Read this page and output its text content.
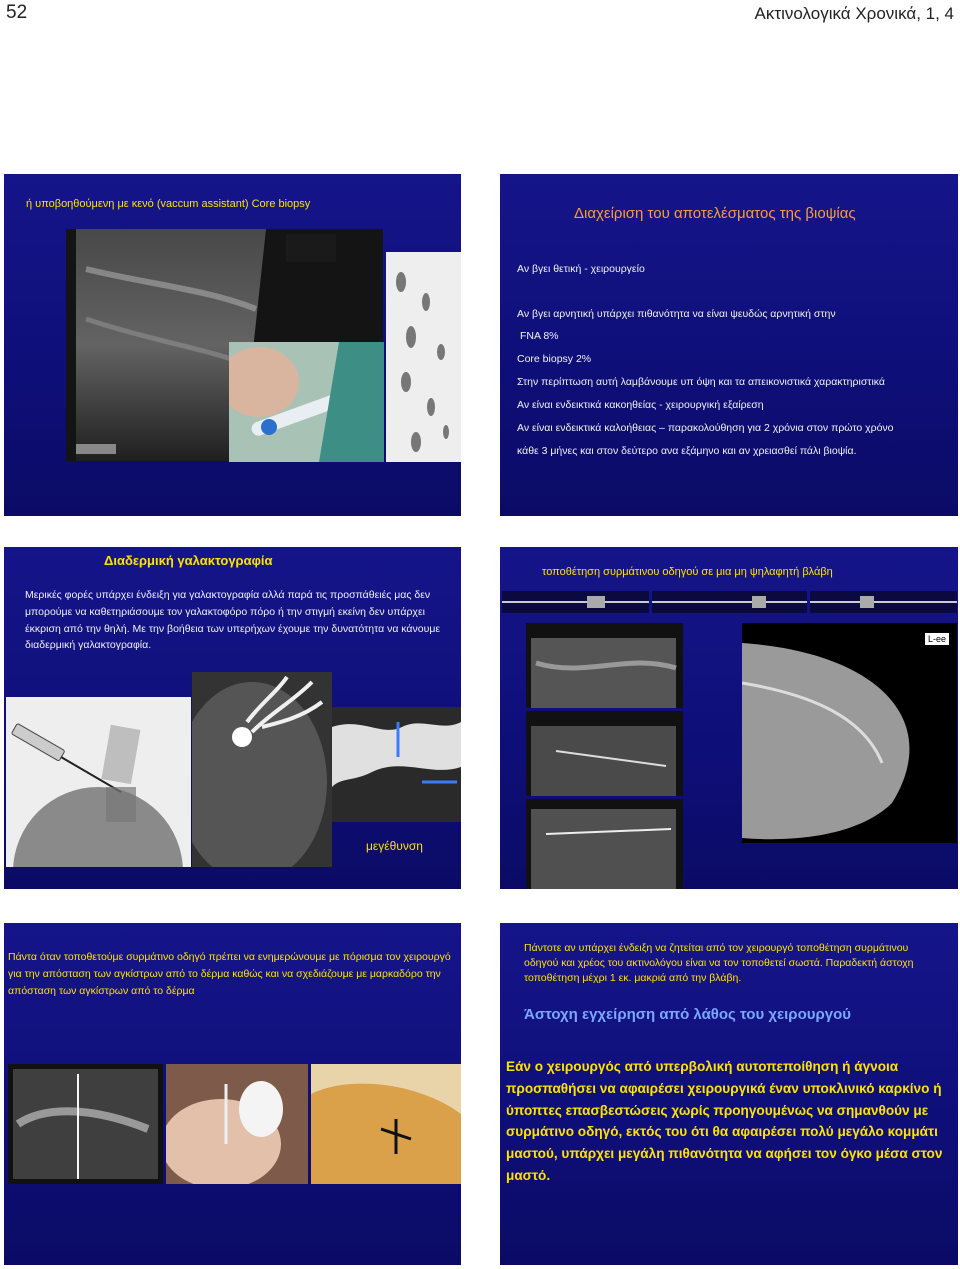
52	Ακτινολογικά Χρονικά, 1, 4
ή υποβοηθούμενη με κενό (vaccum assistant) Core biopsy
Διαχείριση του αποτελέσματος της βιοψίας
Αν βγει θετική - χειρουργείο
Αν βγει αρνητική υπάρχει πιθανότητα να είναι ψευδώς αρνητική στην
FNA 8%
Core biopsy 2%
Στην περίπτωση αυτή λαμβάνουμε υπ όψη και τα απεικονιστικά χαρακτηριστικά
Αν είναι ενδεικτικά κακοηθείας - χειρουργική εξαίρεση
Αν είναι ενδεικτικά καλοήθειας – παρακολούθηση για 2 χρόνια στον πρώτο χρόνο
κάθε 3 μήνες και στον δεύτερο ανα εξάμηνο και αν χρειασθεί πάλι βιοψία.
Διαδερμική γαλακτογραφία
Μερικές φορές υπάρχει ένδειξη για γαλακτογραφία αλλά παρά τις προσπάθειές μας δεν μπορούμε να καθετηριάσουμε τον γαλακτοφόρο πόρο ή την στιγμή εκείνη δεν υπάρχει έκκριση από την θηλή. Με την βοήθεια των υπερήχων έχουμε την δυνατότητα να κάνουμε διαδερμική γαλακτογραφία.
μεγέθυνση
τοποθέτηση συρμάτινου οδηγού σε μια μη ψηλαφητή βλάβη
L-ee
Πάντα όταν τοποθετούμε συρμάτινο οδηγό πρέπει να ενημερώνουμε με πόρισμα τον χειρουργό για την απόσταση των αγκίστρων από το δέρμα καθώς και να σχεδιάζουμε με μαρκαδόρο την απόσταση των αγκίστρων από το δέρμα
Πάντοτε αν υπάρχει ένδειξη να ζητείται από τον χειρουργό τοποθέτηση συρμάτινου οδηγού και χρέος του ακτινολόγου είναι να τον τοποθετεί σωστά. Παραδεκτή άστοχη τοποθέτηση μέχρι 1 εκ. μακριά από την βλάβη.
Άστοχη εγχείρηση από λάθος του χειρουργού
Εάν ο χειρουργός από υπερβολική αυτοπεποίθηση ή άγνοια προσπαθήσει να αφαιρέσει χειρουργικά έναν υποκλινικό καρκίνο ή ύποπτες επασβεστώσεις χωρίς προηγουμένως να σημανθούν με συρμάτινο οδηγό, εκτός του ότι θα αφαιρέσει πολύ μεγάλο κομμάτι μαστού, υπάρχει μεγάλη πιθανότητα να αφήσει τον όγκο μέσα στον μαστό.
